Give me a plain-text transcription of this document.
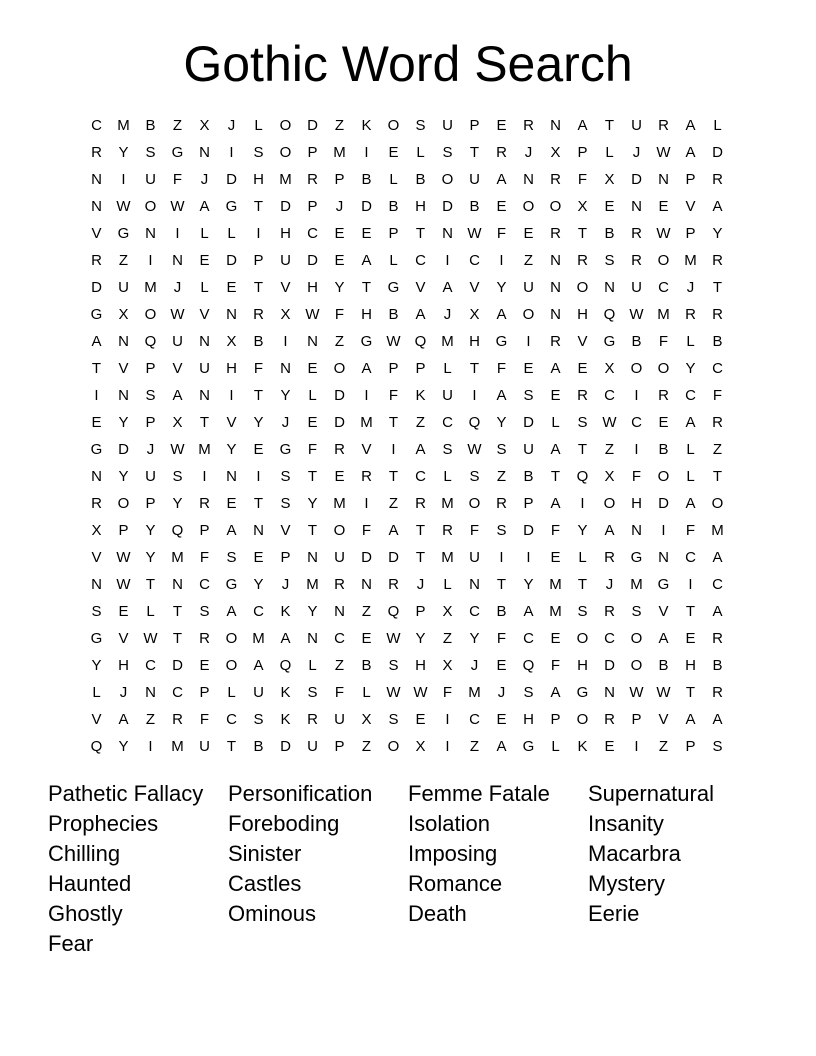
Gothic Word Search
C	M	B	Z	X	J	L	O	D	Z	K	O	S	U	P	E	R	N	A	T	U	R	A	L
R	Y	S	G	N	I	S	O	P	M	I	E	L	S	T	R	J	X	P	L	J	W A	D
N	I	U	F	J	D	H	M	R	P	B	L	B	O	U	A	N	R	F	X	D	N	P	R
N W O W A	G	T	D	P	J	D	B	H	D	B	E	O	O	X	E	N	E	V	A
V	G	N	I	L	L	I	H	C	E	E	P	T	N W	F	E	R	T	B	R W P	Y
R	Z	I	N	E	D	P	U	D	E	A	L	C	I	C	I	Z	N	R	S	R	O M	R
D	U	M	J	L	E	T	V	H	Y	T	G	V	A	V	Y	U	N	O	N	U	C	J	T
G	X	O W V	N	R	X W	F	H	B	A	J	X	A	O	N	H	Q W M	R	R
A	N	Q	U	N	X	B	I	N	Z	G W Q M	H	G	I	R	V	G	B	F	L	B
T	V	P	V	U	H	F	N	E	O	A	P	P	L	T	F	E	A	E	X	O	O	Y	C
I	N	S	A	N	I	T	Y	L	D	I	F	K	U	I	A	S	E	R	C	I	R	C	F
E	Y	P	X	T	V	Y	J	E	D	M	T	Z	C	Q	Y	D	L	S W C	E	A	R
G	D	J	W M	Y	E	G	F	R	V	I	A	S W S	U	A	T	Z	I	B	L	Z
N	Y	U	S	I	N	I	S	T	E	R	T	C	L	S	Z	B	T	Q	X	F	O	L	T
R	O	P	Y	R	E	T	S	Y	M	I	Z	R	M O	R	P	A	I	O	H	D	A	O
X	P	Y	Q	P	A	N	V	T	O	F	A	T	R	F	S	D	F	Y	A	N	I	F	M
V W Y	M	F	S	E	P	N	U	D	D	T	M	U	I	I	E	L	R	G	N	C	A
N W	T	N	C	G	Y	J	M	R	N	R	J	L	N	T	Y	M	T	J	M G	I	C
S	E	L	T	S	A	C	K	Y	N	Z	Q	P	X	C	B	A	M	S	R	S	V	T	A
G	V W	T	R	O M	A	N	C	E W Y	Z	Y	F	C	E	O	C	O	A	E	R
Y	H	C	D	E	O	A	Q	L	Z	B	S	H	X	J	E	Q	F	H	D	O	B	H	B
L	J	N	C	P	L	U	K	S	F	L	W W	F	M	J	S	A	G	N W W	T	R
V	A	Z	R	F	C	S	K	R	U	X	S	E	I	C	E	H	P	O	R	P	V	A	A
Q	Y	I	M	U	T	B	D	U	P	Z	O	X	I	Z	A	G	L	K	E	I	Z	P	S
Pathetic Fallacy	Personification	Femme Fatale	Supernatural
Prophecies	Foreboding	Isolation	Insanity
Chilling	Sinister	Imposing	Macarbra
Haunted	Castles	Romance	Mystery
Ghostly	Ominous	Death	Eerie
Fear
